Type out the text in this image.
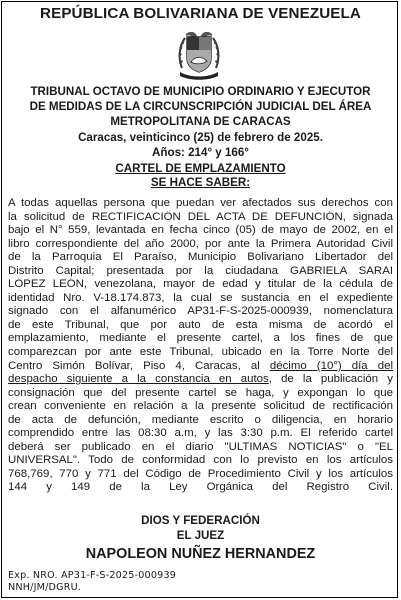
REPÚBLICA BOLIVARIANA DE VENEZUELA
TRIBUNAL OCTAVO DE MUNICIPIO ORDINARIO Y EJECUTOR
DE MEDIDAS DE LA CIRCUNSCRIPCIÓN JUDICIAL DEL ÁREA
METROPOLITANA DE CARACAS
Caracas, veinticinco (25) de febrero de 2025.
Años: 214° y 166°
CARTEL DE EMPLAZAMIENTO
SE HACE SABER:
A todas aquellas persona que puedan ver afectados sus derechos con
la solicitud de RECTIFICACIÓN DEL ACTA DE DEFUNCIÓN, signada
bajo el N° 559, levantada en fecha cinco (05) de mayo de 2002, en el
libro correspondiente del año 2000, por ante la Primera Autoridad Civil
de la Parroquia El Paraíso, Municipio Bolivariano Libertador del
Distrito Capital; presentada por la ciudadana GABRIELA SARAI
LÓPEZ LEÓN, venezolana, mayor de edad y titular de la cédula de
identidad Nro. V-18.174.873, la cual se sustancia en el expediente
signado con el alfanumérico AP31-F-S-2025-000939, nomenclatura
de este Tribunal, que por auto de esta misma de acordó el
emplazamiento, mediante el presente cartel, a los fines de que
comparezcan por ante este Tribunal, ubicado en la Torre Norte del
Centro Simón Bolívar, Piso 4, Caracas, al décimo (10°) día del
despacho siguiente a la constancia en autos, de la publicación y
consignación que del presente cartel se haga, y expongan lo que
crean conveniente en relación a la presente solicitud de rectificación
de acta de defunción, mediante escrito o diligencia, en horario
comprendido entre las 08:30 a.m, y las 3:30 p.m. El referido cartel
deberá ser publicado en el diario "ULTIMAS NOTICIAS" o "EL
UNIVERSAL". Todo de conformidad con lo previsto en los artículos
768,769, 770 y 771 del Código de Procedimiento Civil y los artículos
144 y 149 de la Ley Orgánica del Registro Civil.
DIOS Y FEDERACIÓN
EL JUEZ
NAPOLEON NUÑEZ HERNANDEZ
Exp. NRO. AP31-F-S-2025-000939
NNH/JM/DGRU.
